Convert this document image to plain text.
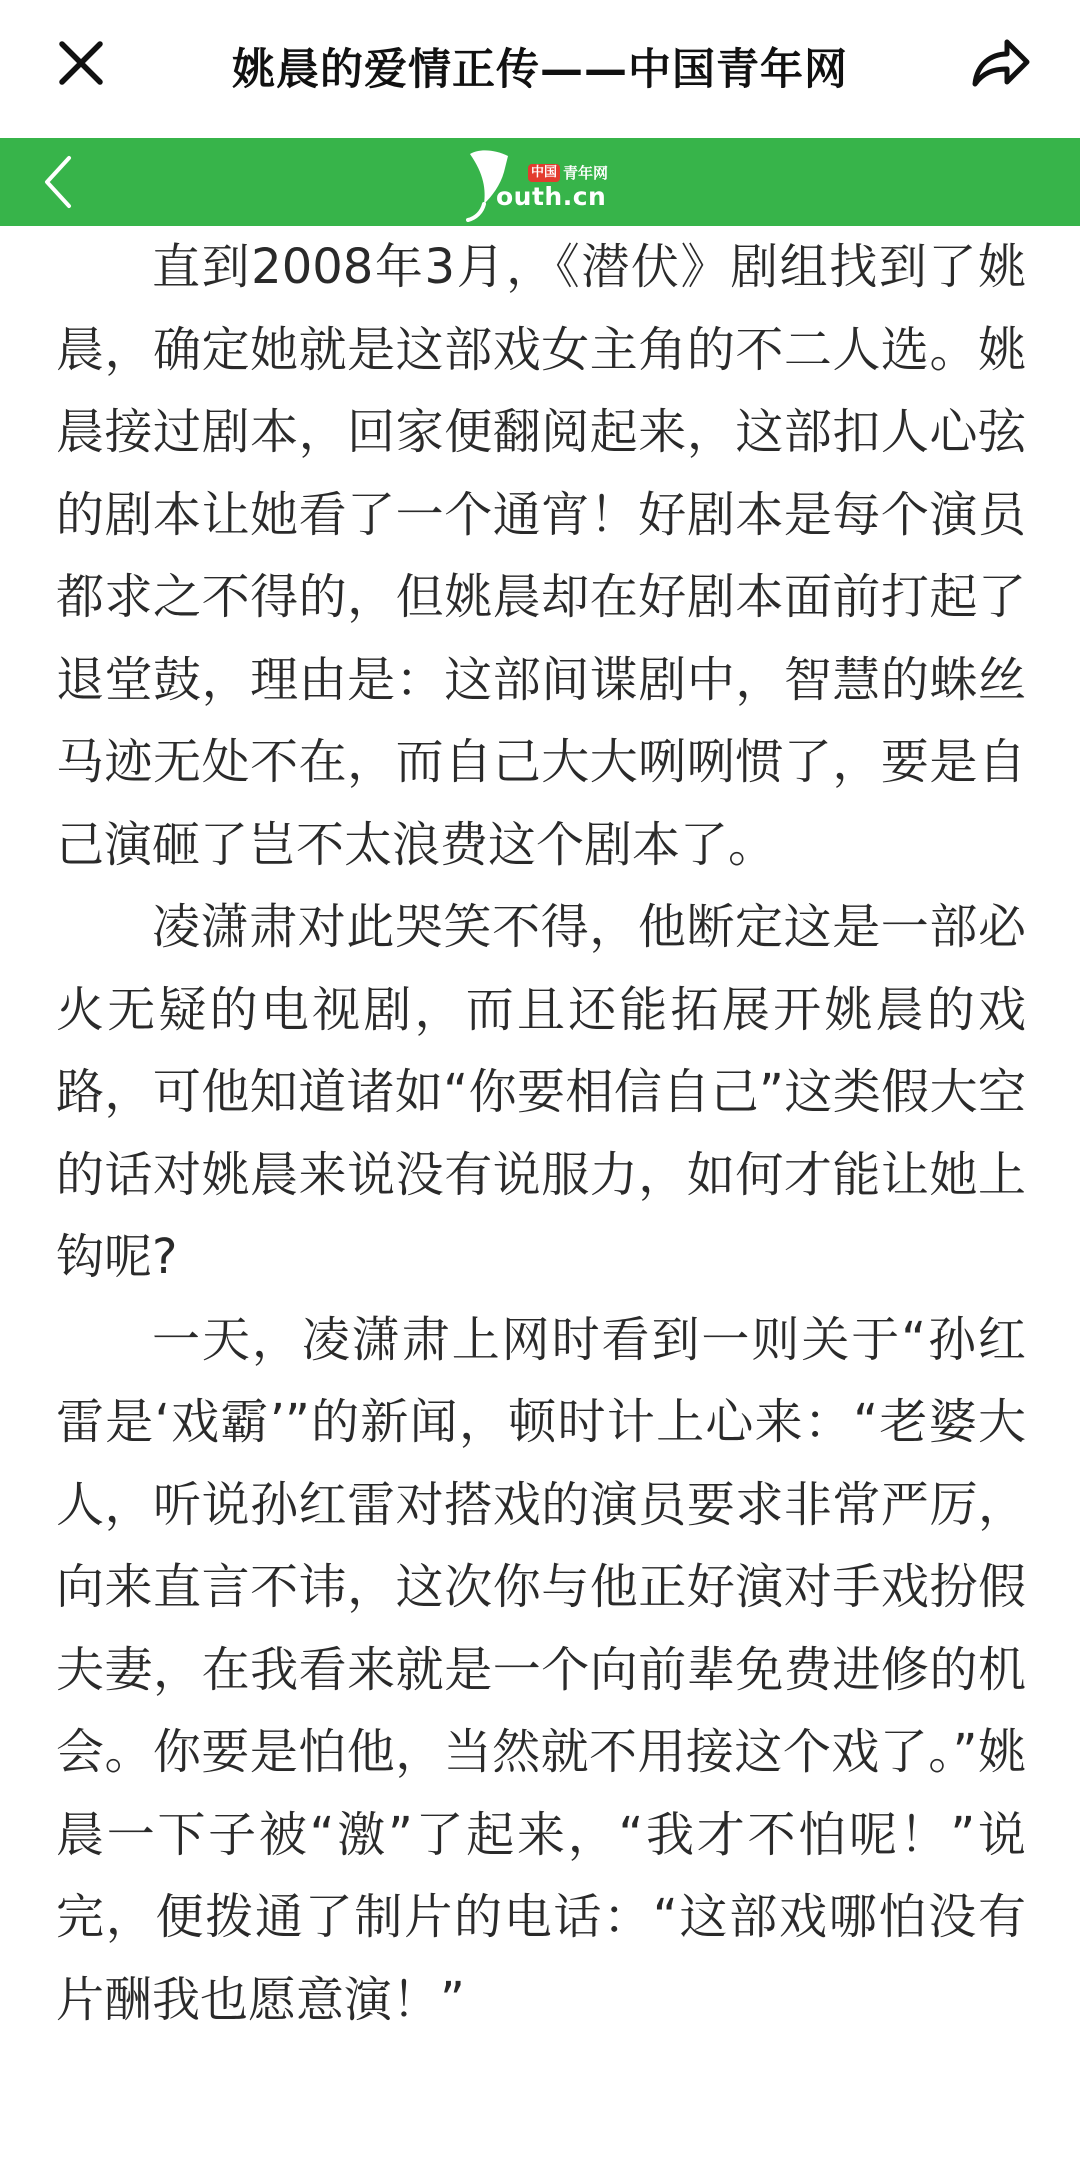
姚晨的爱情正传——中国青年网
中国 青年网
outh.cn

直到2008年3月，《潜伏》剧组找到了姚晨，确定她就是这部戏女主角的不二人选。姚晨接过剧本，回家便翻阅起来，这部扣人心弦的剧本让她看了一个通宵！好剧本是每个演员都求之不得的，但姚晨却在好剧本面前打起了退堂鼓，理由是：这部间谍剧中，智慧的蛛丝马迹无处不在，而自己大大咧咧惯了，要是自己演砸了岂不太浪费这个剧本了。

凌潇肃对此哭笑不得，他断定这是一部必火无疑的电视剧，而且还能拓展开姚晨的戏路，可他知道诸如“你要相信自己”这类假大空的话对姚晨来说没有说服力，如何才能让她上钩呢?

一天，凌潇肃上网时看到一则关于“孙红雷是‘戏霸’”的新闻，顿时计上心来：“老婆大人，听说孙红雷对搭戏的演员要求非常严厉，向来直言不讳，这次你与他正好演对手戏扮假夫妻，在我看来就是一个向前辈免费进修的机会。你要是怕他，当然就不用接这个戏了。”姚晨一下子被“激”了起来，“我才不怕呢！”说完，便拨通了制片的电话：“这部戏哪怕没有片酬我也愿意演！”
